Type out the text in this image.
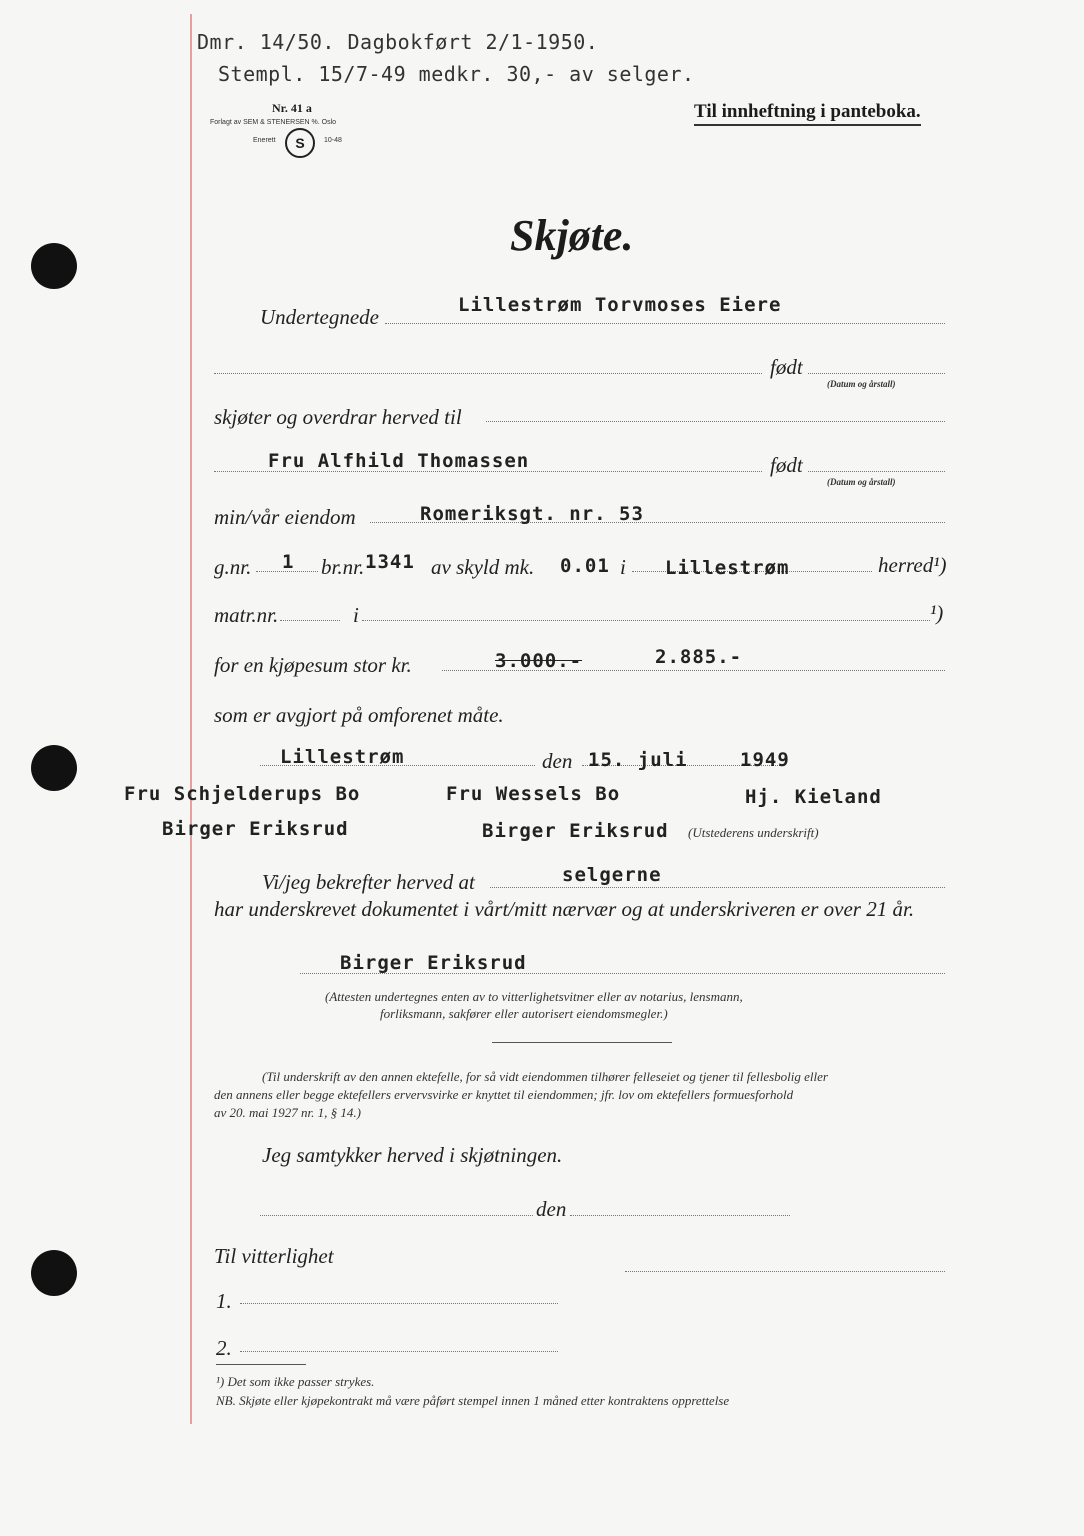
Dmr. 14/50. Dagbokført 2/1-1950.
Stempl. 15/7-49 medkr. 30,- av selger.
Nr. 41 a
Forlagt av SEM & STENERSEN %. Oslo
Enerett	S	10-48
Til innheftning i panteboka.
Skjøte.
Undertegnede	Lillestrøm Torvmoses Eiere
født
(Datum og årstall)
skjøter og overdrar herved til
Fru Alfhild Thomassen	født
(Datum og årstall)
min/vår eiendom	Romeriksgt. nr. 53
g.nr. 1 br.nr. 1341 av skyld mk. 0.01 i Lillestrøm	herred¹)
matr.nr.	i	¹)
for en kjøpesum stor kr.	3.000.-	2.885.-
som er avgjort på omforenet måte.
Lillestrøm	den 15. juli	1949
Fru Schjelderups Bo	Fru Wessels Bo	Hj. Kieland
Birger Eriksrud	Birger Eriksrud (Utstederens underskrift)
Vi/jeg bekrefter herved at	selgerne
har underskrevet dokumentet i vårt/mitt nærvær og at underskriveren er over 21 år.
Birger Eriksrud
(Attesten undertegnes enten av to vitterlighetsvitner eller av notarius, lensmann,
forliksmann, sakfører eller autorisert eiendomsmegler.)
(Til underskrift av den annen ektefelle, for så vidt eiendommen tilhører felleseiet og tjener til fellesbolig eller
den annens eller begge ektefellers ervervsvirke er knyttet til eiendommen; jfr. lov om ektefellers formuesforhold
av 20. mai 1927 nr. 1, § 14.)
Jeg samtykker herved i skjøtningen.
den
Til vitterlighet
1.
2.
¹) Det som ikke passer strykes.
NB. Skjøte eller kjøpekontrakt må være påført stempel innen 1 måned etter kontraktens opprettelse
